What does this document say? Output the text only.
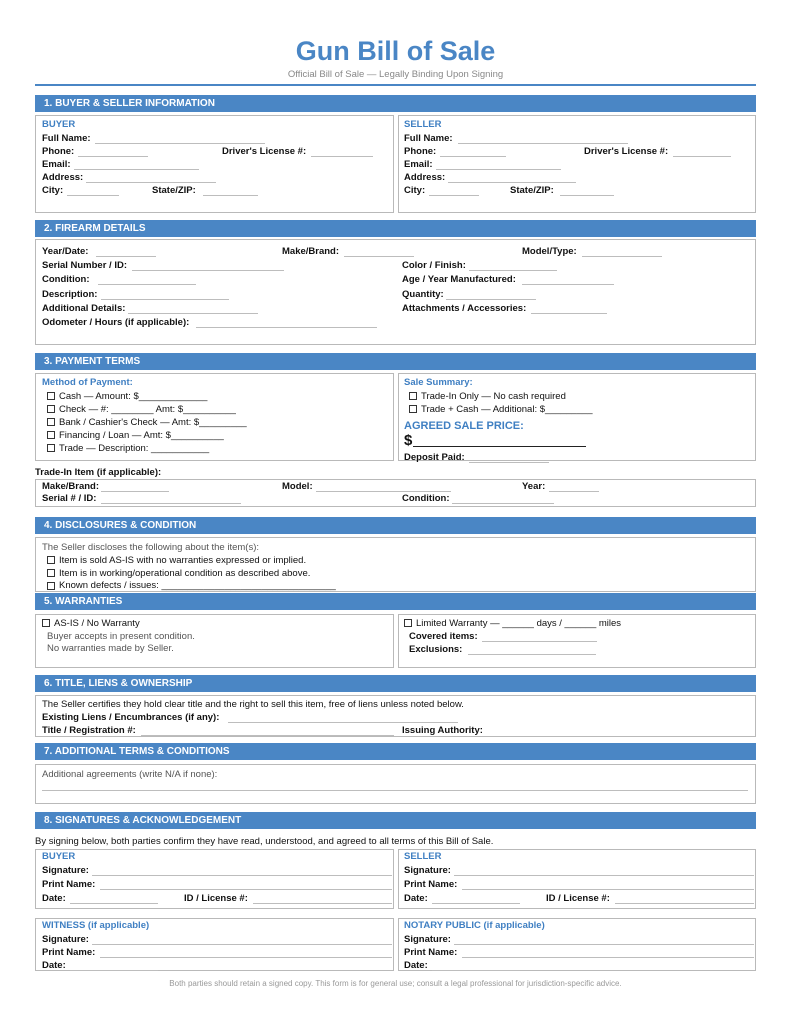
Gun Bill of Sale
Official Bill of Sale — Legally Binding Upon Signing
1. BUYER & SELLER INFORMATION
BUYER
Full Name:
Phone:	Driver's License #:
Email:
Address:
City:	State/ZIP:
SELLER
Full Name:
Phone:	Driver's License #:
Email:
Address:
City:	State/ZIP:
2. FIREARM DETAILS
Year/Date:	Make/Brand:	Model/Type:
Serial Number / ID:	Color / Finish:
Condition:	Age / Year Manufactured:
Description:	Quantity:
Additional Details:	Attachments / Accessories:
Odometer / Hours (if applicable):
3. PAYMENT TERMS
Method of Payment:
Cash — Amount: $_____________
Check — #: ________ Amt: $__________
Bank / Cashier's Check — Amt: $_________
Financing / Loan — Amt: $__________
Trade — Description: ___________
Sale Summary:
Trade-In Only — No cash required
Trade + Cash — Additional: $_________
AGREED SALE PRICE:
$
Deposit Paid:
Trade-In Item (if applicable):
Make/Brand:	Model:	Year:
Serial # / ID:	Condition:
4. DISCLOSURES & CONDITION
The Seller discloses the following about the item(s):
Item is sold AS-IS with no warranties expressed or implied.
Item is in working/operational condition as described above.
Known defects / issues: _________________________________
5. WARRANTIES
AS-IS / No Warranty
Buyer accepts in present condition.
No warranties made by Seller.
Limited Warranty — ______ days / ______ miles
Covered items:
Exclusions:
6. TITLE, LIENS & OWNERSHIP
The Seller certifies they hold clear title and the right to sell this item, free of liens unless noted below.
Existing Liens / Encumbrances (if any):
Title / Registration #:	Issuing Authority:
7. ADDITIONAL TERMS & CONDITIONS
Additional agreements (write N/A if none):
8. SIGNATURES & ACKNOWLEDGEMENT
By signing below, both parties confirm they have read, understood, and agreed to all terms of this Bill of Sale.
BUYER
Signature:
Print Name:
Date:	ID / License #:
SELLER
Signature:
Print Name:
Date:	ID / License #:
WITNESS (if applicable)
Signature:
Print Name:
Date:
NOTARY PUBLIC (if applicable)
Signature:
Print Name:
Date:
Both parties should retain a signed copy. This form is for general use; consult a legal professional for jurisdiction-specific advice.
